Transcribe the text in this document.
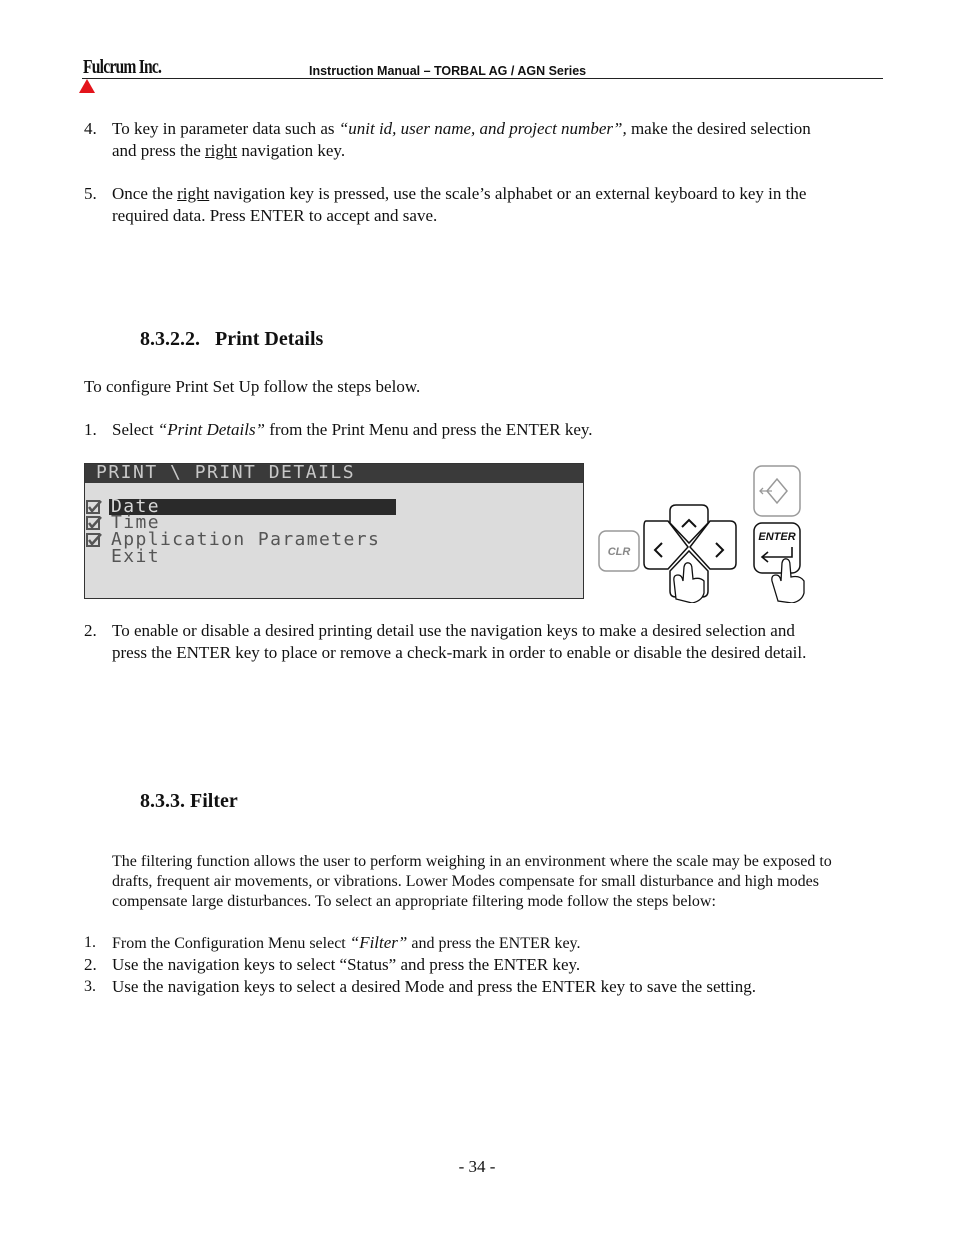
Fulcrum Inc.	Instruction Manual – TORBAL AG / AGN Series
4. To key in parameter data such as “unit id, user name, and project number”, make the desired selection
and press the right navigation key.
5. Once the right navigation key is pressed, use the scale’s alphabet or an external keyboard to key in the
required data. Press ENTER to accept and save.
8.3.2.2.   Print Details
To configure Print Set Up follow the steps below.
1. Select “Print Details” from the Print Menu and press the ENTER key.
PRINT \ PRINT DETAILS
Date
Time
Application Parameters
Exit	CLR
ENTER
2. To enable or disable a desired printing detail use the navigation keys to make a desired selection and
press the ENTER key to place or remove a check-mark in order to enable or disable the desired detail.
8.3.3. Filter
The filtering function allows the user to perform weighing in an environment where the scale may be exposed to
drafts, frequent air movements, or vibrations. Lower Modes compensate for small disturbance and high modes
compensate large disturbances. To select an appropriate filtering mode follow the steps below:
1.	From the Configuration Menu select “Filter” and press the ENTER key.
2. Use the navigation keys to select “Status” and press the ENTER key.
3. Use the navigation keys to select a desired Mode and press the ENTER key to save the setting.
- 34 -
